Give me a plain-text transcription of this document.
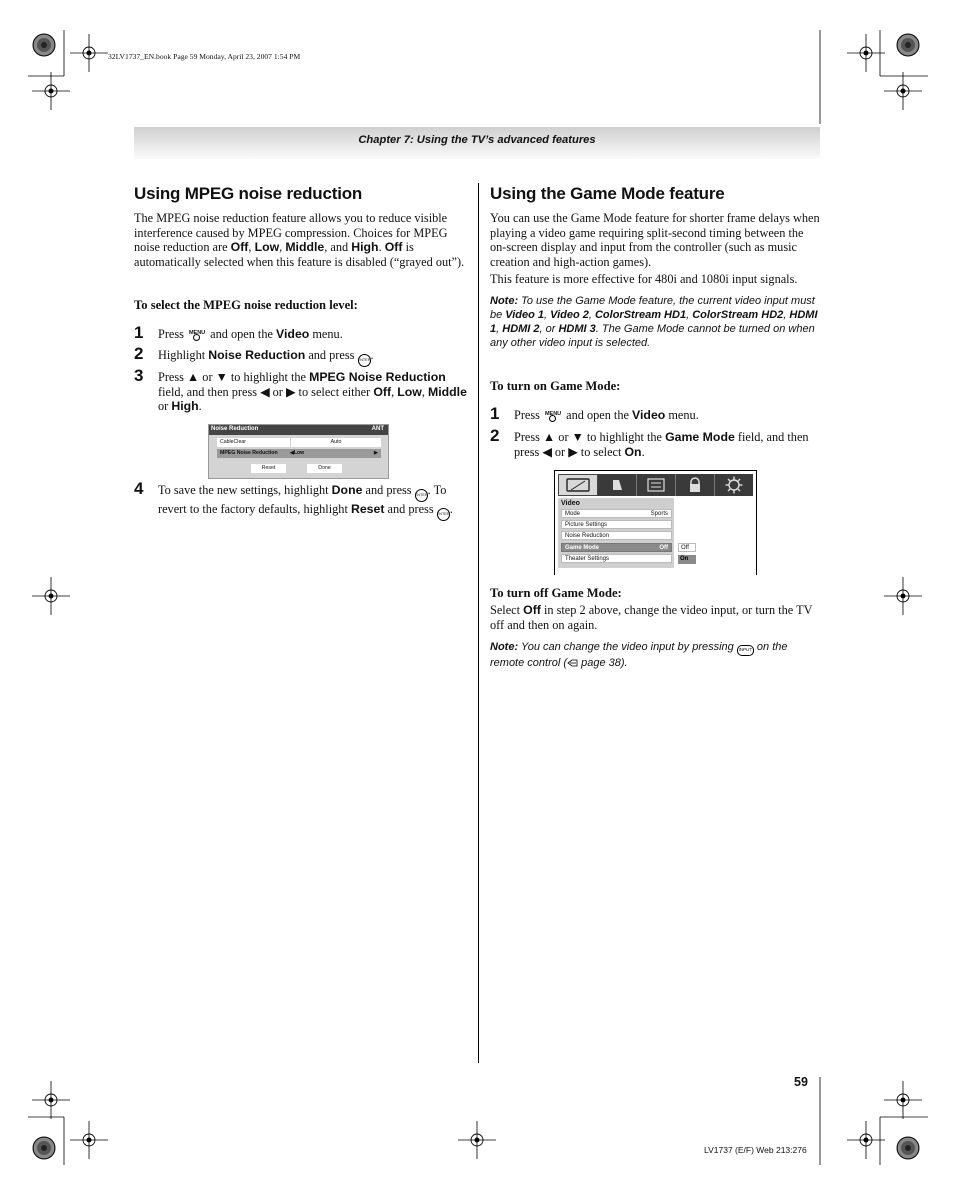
32LV1737_EN.book Page 59 Monday, April 23, 2007 1:54 PM
Chapter 7: Using the TV’s advanced features
Using MPEG noise reduction
The MPEG noise reduction feature allows you to reduce visible interference caused by MPEG compression. Choices for MPEG noise reduction are Off, Low, Middle, and High. Off is automatically selected when this feature is disabled (“grayed out”).
To select the MPEG noise reduction level:
1 Press MENU and open the Video menu.
2 Highlight Noise Reduction and press ENTER.
3 Press ▲ or ▼ to highlight the MPEG Noise Reduction field, and then press ◀ or ▶ to select either Off, Low, Middle or High.
Noise Reduction	ANT
CableClear	Auto
MPEG Noise Reduction ◀ Low	▶
Reset	Done
4 To save the new settings, highlight Done and press ENTER. To revert to the factory defaults, highlight Reset and press ENTER.
Using the Game Mode feature
You can use the Game Mode feature for shorter frame delays when playing a video game requiring split-second timing between the on-screen display and input from the controller (such as music creation and high-action games).
This feature is more effective for 480i and 1080i input signals.
Note: To use the Game Mode feature, the current video input must be Video 1, Video 2, ColorStream HD1, ColorStream HD2, HDMI 1, HDMI 2, or HDMI 3. The Game Mode cannot be turned on when any other video input is selected.
To turn on Game Mode:
1 Press MENU and open the Video menu.
2 Press ▲ or ▼ to highlight the Game Mode field, and then press ◀ or ▶ to select On.
Video
Mode	Sports
Picture Settings
Noise Reduction
Game Mode	Off
Theater Settings
Off
On
To turn off Game Mode:
Select Off in step 2 above, change the video input, or turn the TV off and then on again.
Note: You can change the video input by pressing INPUT on the remote control ( page 38).
59
LV1737 (E/F) Web 213:276
